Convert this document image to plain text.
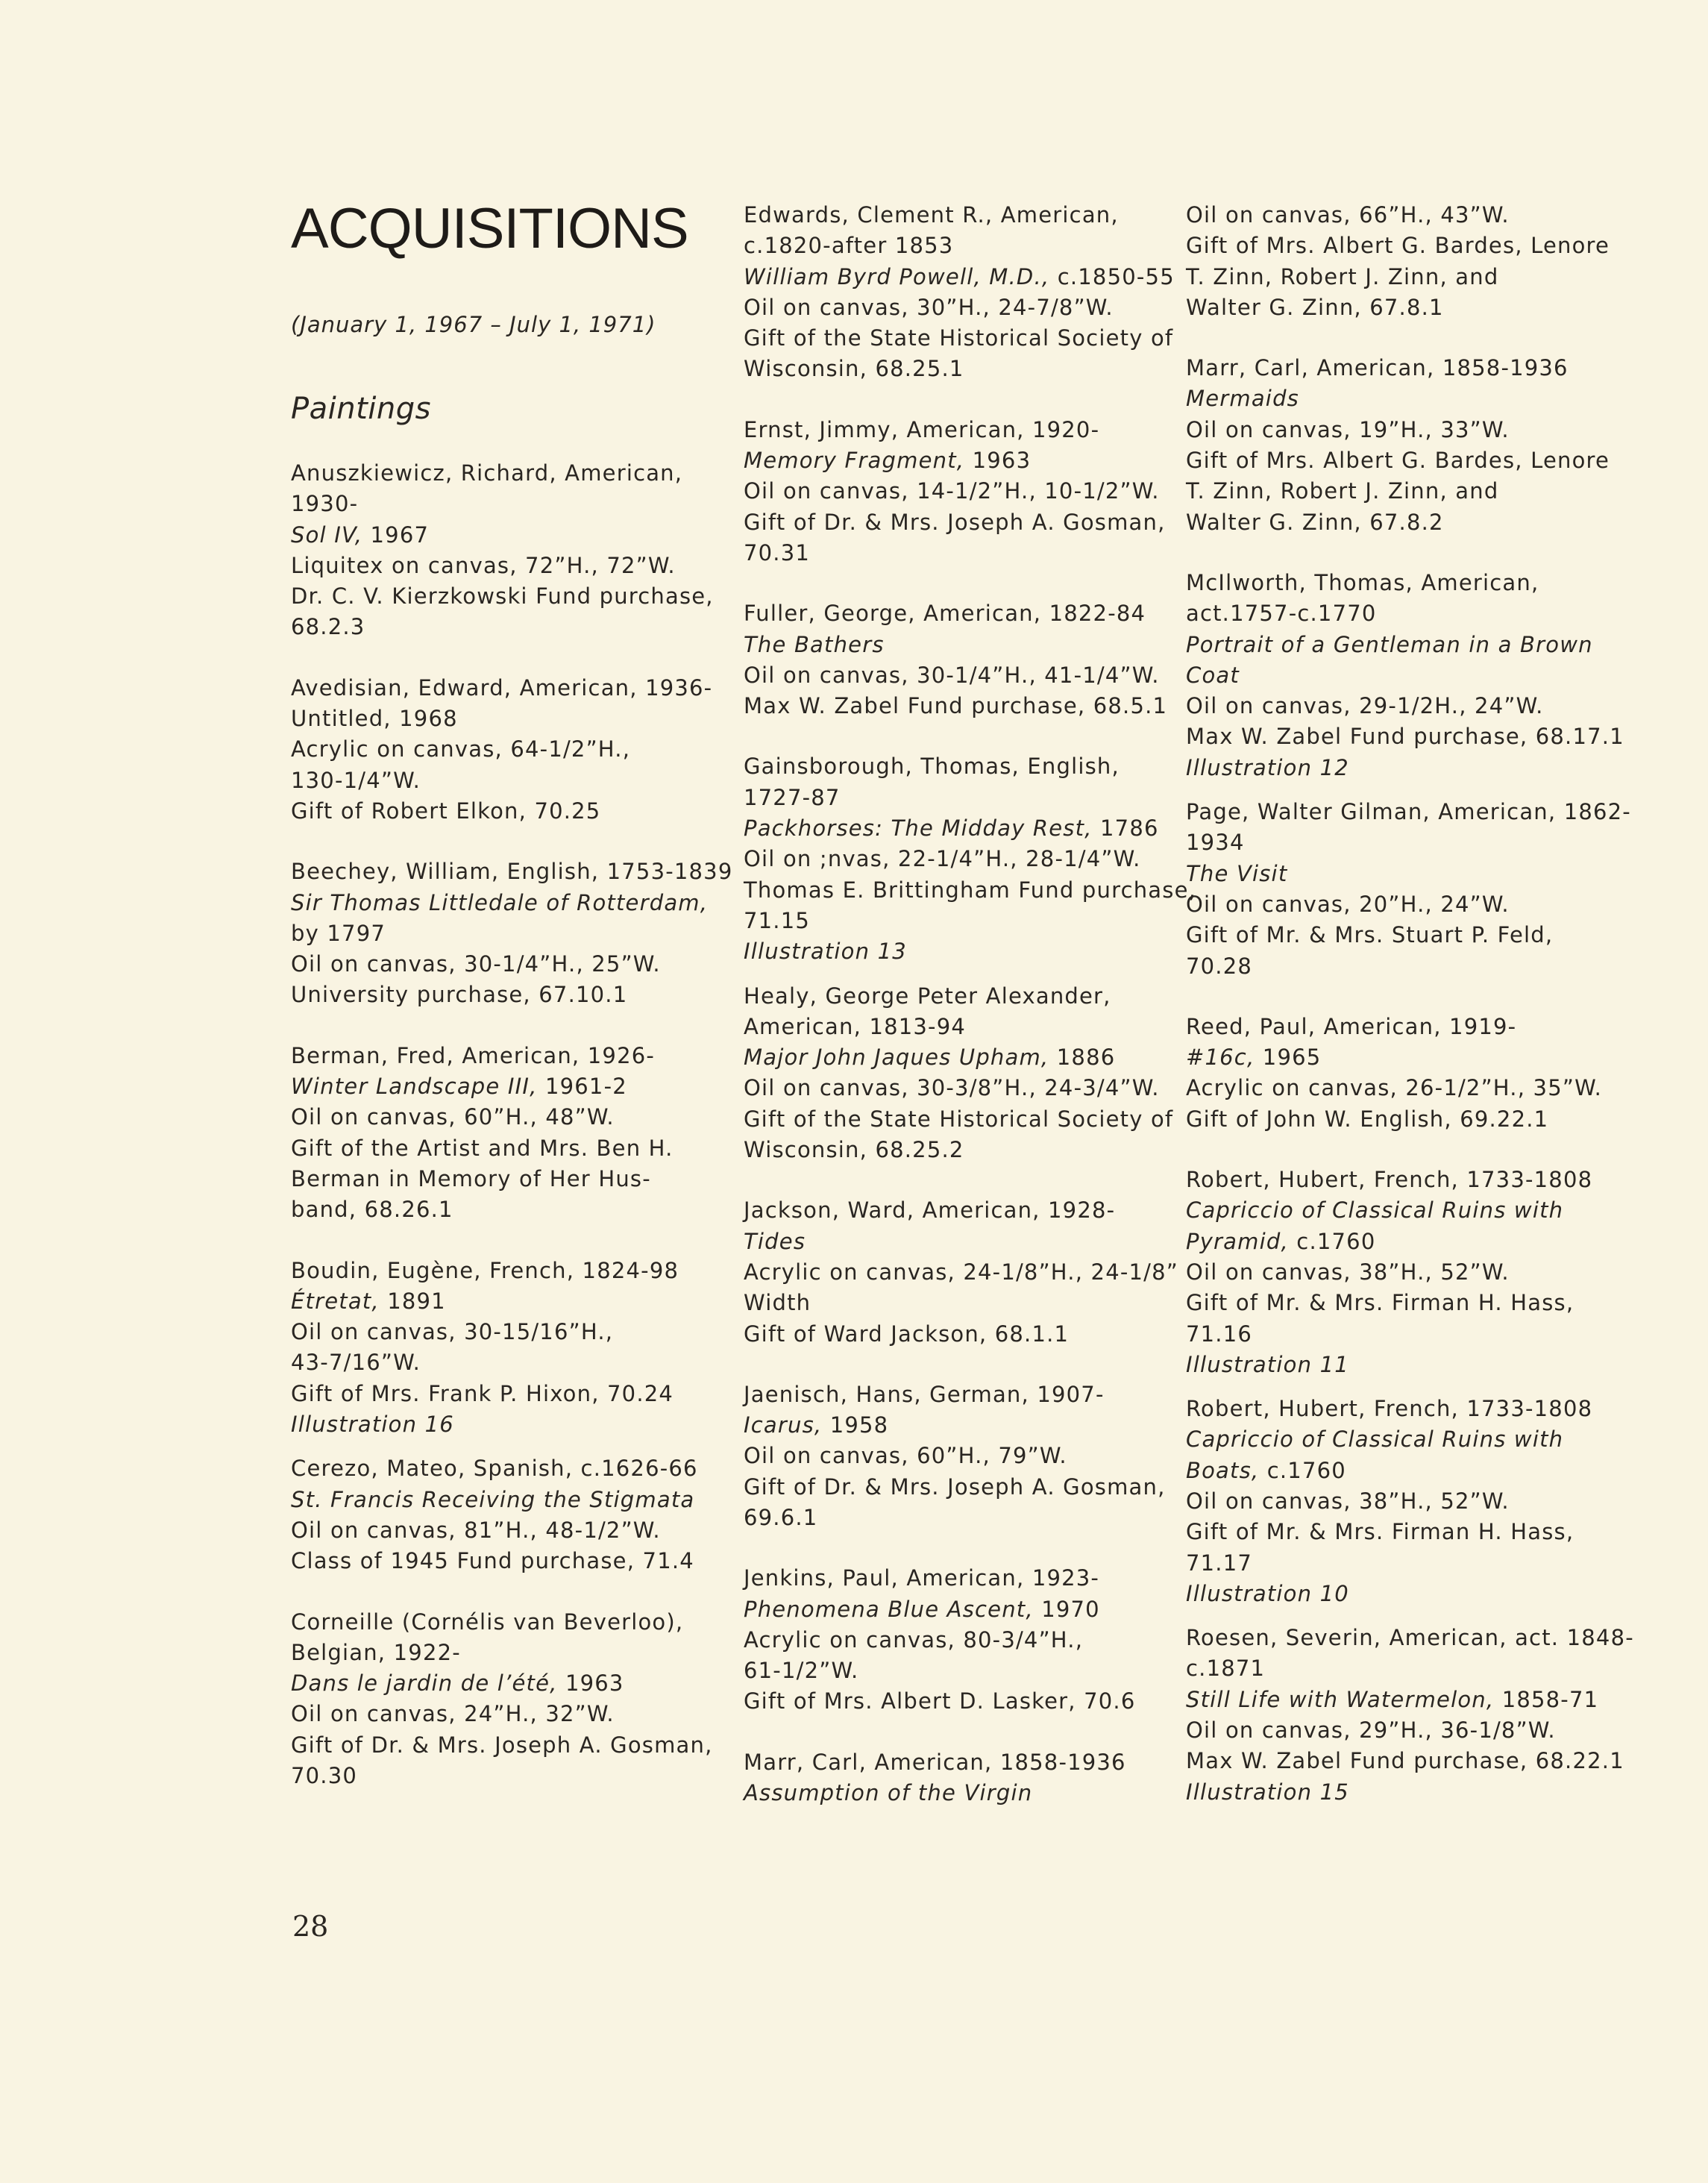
ACQUISITIONS
(January 1, 1967 – July 1, 1971)
Paintings
Anuszkiewicz, Richard, American,
1930-
Sol IV, 1967
Liquitex on canvas, 72”H., 72”W.
Dr. C. V. Kierzkowski Fund purchase,
68.2.3
Avedisian, Edward, American, 1936-
Untitled, 1968
Acrylic on canvas, 64-1/2”H.,
130-1/4”W.
Gift of Robert Elkon, 70.25
Beechey, William, English, 1753-1839
Sir Thomas Littledale of Rotterdam,
by 1797
Oil on canvas, 30-1/4”H., 25”W.
University purchase, 67.10.1
Berman, Fred, American, 1926-
Winter Landscape III, 1961-2
Oil on canvas, 60”H., 48”W.
Gift of the Artist and Mrs. Ben H.
Berman in Memory of Her Hus-
band, 68.26.1
Boudin, Eugène, French, 1824-98
Étretat, 1891
Oil on canvas, 30-15/16”H.,
43-7/16”W.
Gift of Mrs. Frank P. Hixon, 70.24
Illustration 16
Cerezo, Mateo, Spanish, c.1626-66
St. Francis Receiving the Stigmata
Oil on canvas, 81”H., 48-1/2”W.
Class of 1945 Fund purchase, 71.4
Corneille (Cornélis van Beverloo),
Belgian, 1922-
Dans le jardin de l’été, 1963
Oil on canvas, 24”H., 32”W.
Gift of Dr. & Mrs. Joseph A. Gosman,
70.30
Edwards, Clement R., American,
c.1820-after 1853
William Byrd Powell, M.D., c.1850-55
Oil on canvas, 30”H., 24-7/8”W.
Gift of the State Historical Society of
Wisconsin, 68.25.1
Ernst, Jimmy, American, 1920-
Memory Fragment, 1963
Oil on canvas, 14-1/2”H., 10-1/2”W.
Gift of Dr. & Mrs. Joseph A. Gosman,
70.31
Fuller, George, American, 1822-84
The Bathers
Oil on canvas, 30-1/4”H., 41-1/4”W.
Max W. Zabel Fund purchase, 68.5.1
Gainsborough, Thomas, English,
1727-87
Packhorses: The Midday Rest, 1786
Oil on ;nvas, 22-1/4”H., 28-1/4”W.
Thomas E. Brittingham Fund purchase,
71.15
Illustration 13
Healy, George Peter Alexander,
American, 1813-94
Major John Jaques Upham, 1886
Oil on canvas, 30-3/8”H., 24-3/4”W.
Gift of the State Historical Society of
Wisconsin, 68.25.2
Jackson, Ward, American, 1928-
Tides
Acrylic on canvas, 24-1/8”H., 24-1/8”
Width
Gift of Ward Jackson, 68.1.1
Jaenisch, Hans, German, 1907-
Icarus, 1958
Oil on canvas, 60”H., 79”W.
Gift of Dr. & Mrs. Joseph A. Gosman,
69.6.1
Jenkins, Paul, American, 1923-
Phenomena Blue Ascent, 1970
Acrylic on canvas, 80-3/4”H.,
61-1/2”W.
Gift of Mrs. Albert D. Lasker, 70.6
Marr, Carl, American, 1858-1936
Assumption of the Virgin
Oil on canvas, 66”H., 43”W.
Gift of Mrs. Albert G. Bardes, Lenore
T. Zinn, Robert J. Zinn, and
Walter G. Zinn, 67.8.1
Marr, Carl, American, 1858-1936
Mermaids
Oil on canvas, 19”H., 33”W.
Gift of Mrs. Albert G. Bardes, Lenore
T. Zinn, Robert J. Zinn, and
Walter G. Zinn, 67.8.2
McIlworth, Thomas, American,
act.1757-c.1770
Portrait of a Gentleman in a Brown
Coat
Oil on canvas, 29-1/2H., 24”W.
Max W. Zabel Fund purchase, 68.17.1
Illustration 12
Page, Walter Gilman, American, 1862-
1934
The Visit
Oil on canvas, 20”H., 24”W.
Gift of Mr. & Mrs. Stuart P. Feld,
70.28
Reed, Paul, American, 1919-
#16c, 1965
Acrylic on canvas, 26-1/2”H., 35”W.
Gift of John W. English, 69.22.1
Robert, Hubert, French, 1733-1808
Capriccio of Classical Ruins with
Pyramid, c.1760
Oil on canvas, 38”H., 52”W.
Gift of Mr. & Mrs. Firman H. Hass,
71.16
Illustration 11
Robert, Hubert, French, 1733-1808
Capriccio of Classical Ruins with
Boats, c.1760
Oil on canvas, 38”H., 52”W.
Gift of Mr. & Mrs. Firman H. Hass,
71.17
Illustration 10
Roesen, Severin, American, act. 1848-
c.1871
Still Life with Watermelon, 1858-71
Oil on canvas, 29”H., 36-1/8”W.
Max W. Zabel Fund purchase, 68.22.1
Illustration 15
28
